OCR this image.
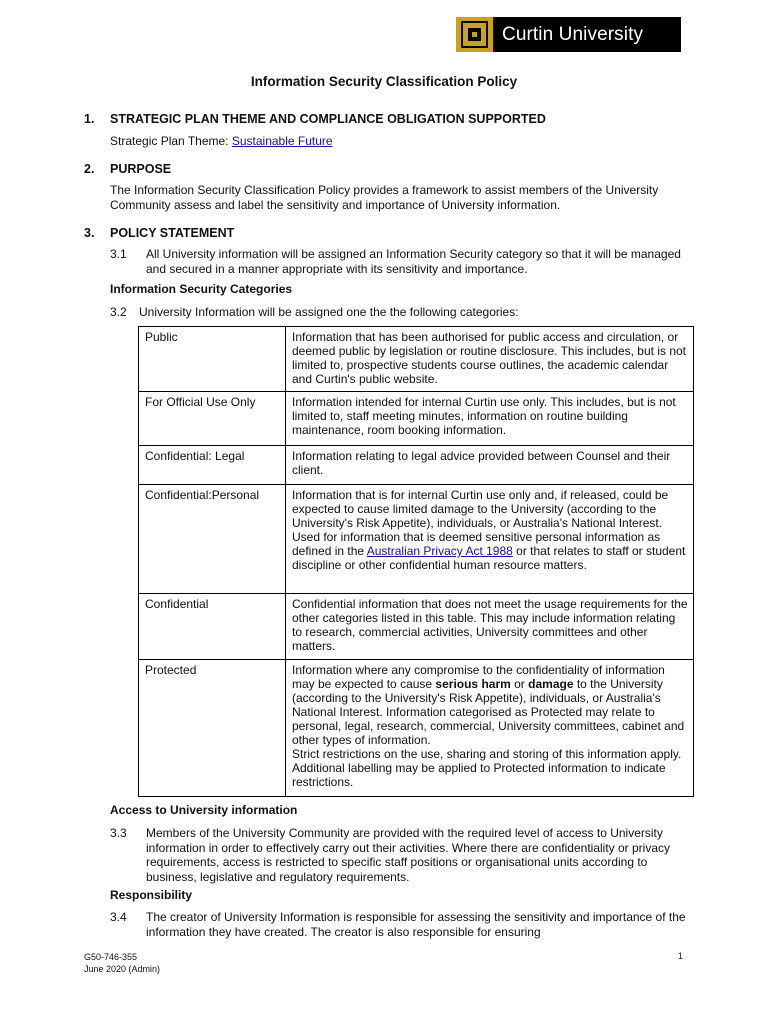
Curtin University
Information Security Classification Policy
1. STRATEGIC PLAN THEME AND COMPLIANCE OBLIGATION SUPPORTED
Strategic Plan Theme: Sustainable Future
2. PURPOSE
The Information Security Classification Policy provides a framework to assist members of the University Community assess and label the sensitivity and importance of University information.
3. POLICY STATEMENT
3.1 All University information will be assigned an Information Security category so that it will be managed and secured in a manner appropriate with its sensitivity and importance.
Information Security Categories
3.2 University Information will be assigned one the the following categories:
Public	Information that has been authorised for public access and circulation, or deemed public by legislation or routine disclosure. This includes, but is not limited to, prospective students course outlines, the academic calendar and Curtin's public website.
For Official Use Only	Information intended for internal Curtin use only. This includes, but is not limited to, staff meeting minutes, information on routine building maintenance, room booking information.
Confidential: Legal	Information relating to legal advice provided between Counsel and their client.
Confidential:Personal	Information that is for internal Curtin use only and, if released, could be expected to cause limited damage to the University (according to the University's Risk Appetite), individuals, or Australia's National Interest. Used for information that is deemed sensitive personal information as defined in the Australian Privacy Act 1988 or that relates to staff or student discipline or other confidential human resource matters.
Confidential	Confidential information that does not meet the usage requirements for the other categories listed in this table. This may include information relating to research, commercial activities, University committees and other matters.
Protected	Information where any compromise to the confidentiality of information may be expected to cause serious harm or damage to the University (according to the University's Risk Appetite), individuals, or Australia's National Interest. Information categorised as Protected may relate to personal, legal, research, commercial, University committees, cabinet and other types of information.
Strict restrictions on the use, sharing and storing of this information apply. Additional labelling may be applied to Protected information to indicate restrictions.
Access to University information
3.3 Members of the University Community are provided with the required level of access to University information in order to effectively carry out their activities. Where there are confidentiality or privacy requirements, access is restricted to specific staff positions or organisational units according to business, legislative and regulatory requirements.
Responsibility
3.4 The creator of University Information is responsible for assessing the sensitivity and importance of the information they have created. The creator is also responsible for ensuring
G50-746-355
June 2020 (Admin)
1
